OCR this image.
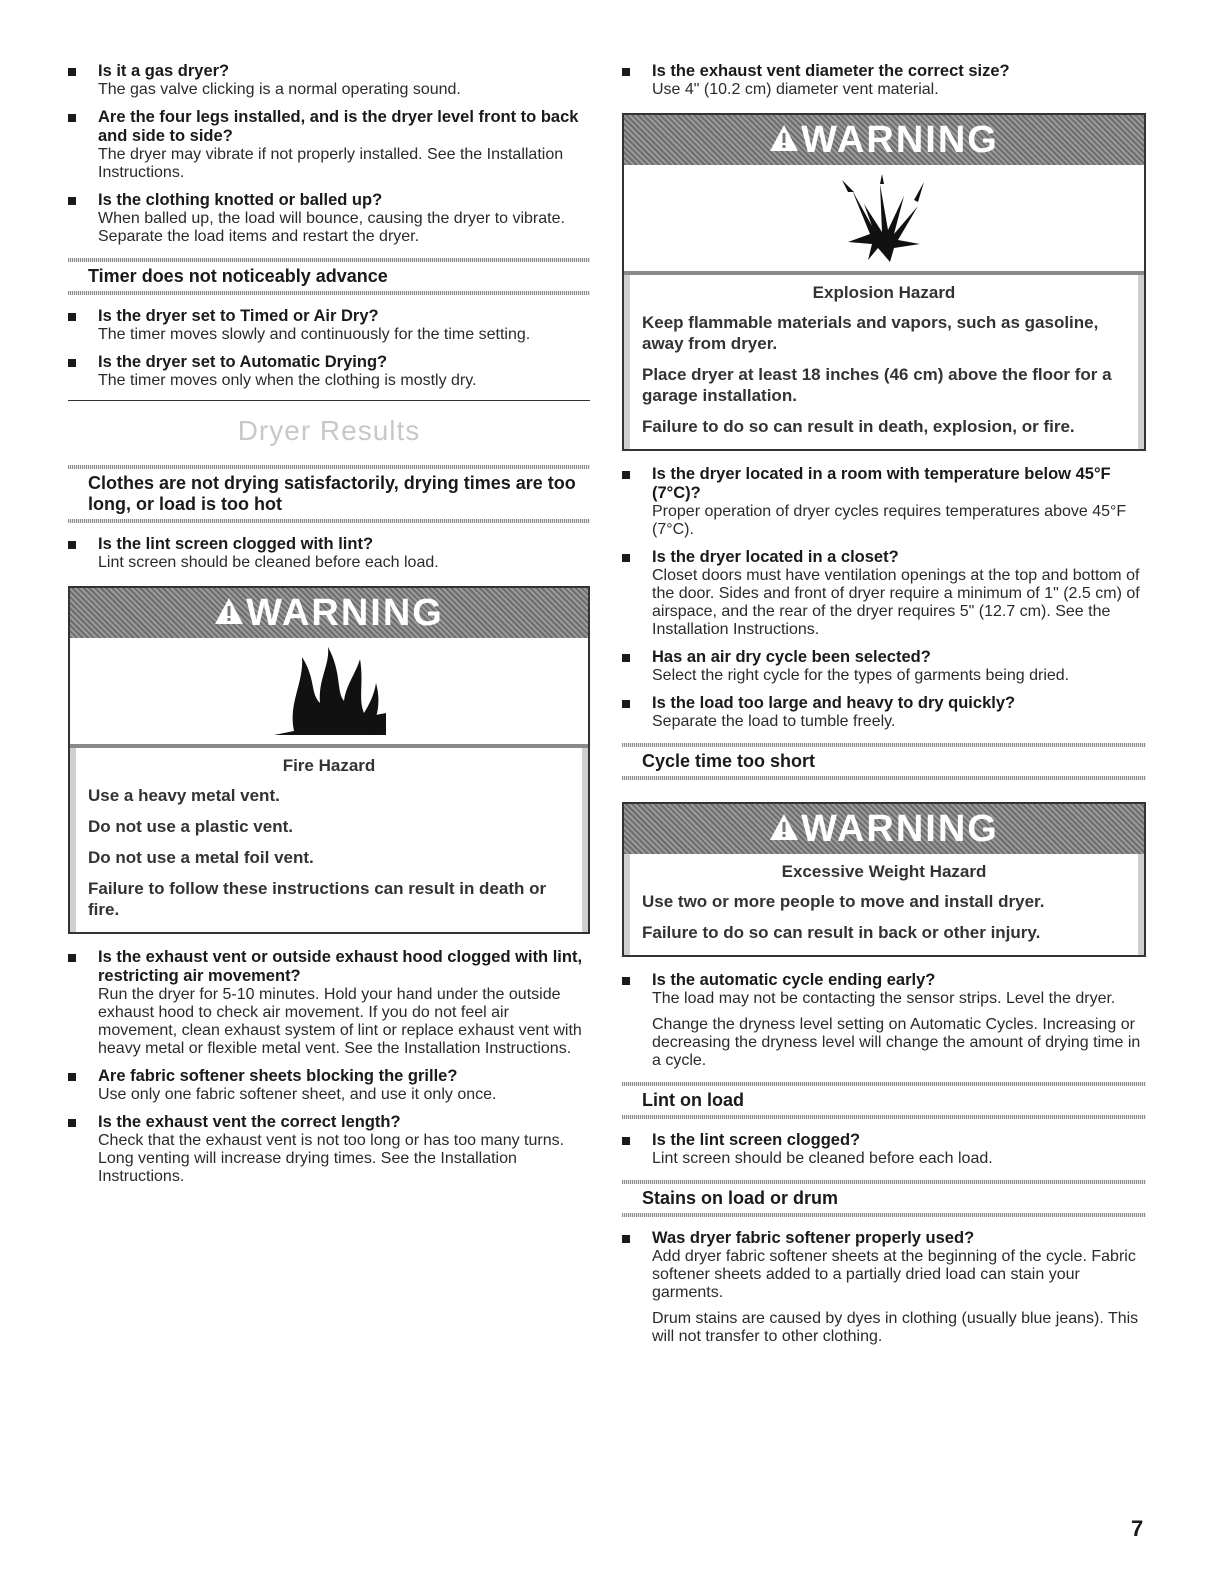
Is it a gas dryer?
The gas valve clicking is a normal operating sound.
Are the four legs installed, and is the dryer level front to back and side to side?
The dryer may vibrate if not properly installed. See the Installation Instructions.
Is the clothing knotted or balled up?
When balled up, the load will bounce, causing the dryer to vibrate. Separate the load items and restart the dryer.
Timer does not noticeably advance
Is the dryer set to Timed or Air Dry?
The timer moves slowly and continuously for the time setting.
Is the dryer set to Automatic Drying?
The timer moves only when the clothing is mostly dry.
Dryer Results
Clothes are not drying satisfactorily, drying times are too long, or load is too hot
Is the lint screen clogged with lint?
Lint screen should be cleaned before each load.
WARNING
Fire Hazard
Use a heavy metal vent.
Do not use a plastic vent.
Do not use a metal foil vent.
Failure to follow these instructions can result in death or fire.
Is the exhaust vent or outside exhaust hood clogged with lint, restricting air movement?
Run the dryer for 5-10 minutes. Hold your hand under the outside exhaust hood to check air movement. If you do not feel air movement, clean exhaust system of lint or replace exhaust vent with heavy metal or flexible metal vent. See the Installation Instructions.
Are fabric softener sheets blocking the grille?
Use only one fabric softener sheet, and use it only once.
Is the exhaust vent the correct length?
Check that the exhaust vent is not too long or has too many turns. Long venting will increase drying times. See the Installation Instructions.
Is the exhaust vent diameter the correct size?
Use 4" (10.2 cm) diameter vent material.
WARNING
Explosion Hazard
Keep flammable materials and vapors, such as gasoline, away from dryer.
Place dryer at least 18 inches (46 cm) above the floor for a garage installation.
Failure to do so can result in death, explosion, or fire.
Is the dryer located in a room with temperature below 45°F (7°C)?
Proper operation of dryer cycles requires temperatures above 45°F (7°C).
Is the dryer located in a closet?
Closet doors must have ventilation openings at the top and bottom of the door. Sides and front of dryer require a minimum of 1" (2.5 cm) of airspace, and the rear of the dryer requires 5" (12.7 cm). See the Installation Instructions.
Has an air dry cycle been selected?
Select the right cycle for the types of garments being dried.
Is the load too large and heavy to dry quickly?
Separate the load to tumble freely.
Cycle time too short
WARNING
Excessive Weight Hazard
Use two or more people to move and install dryer.
Failure to do so can result in back or other injury.
Is the automatic cycle ending early?
The load may not be contacting the sensor strips. Level the dryer.
Change the dryness level setting on Automatic Cycles. Increasing or decreasing the dryness level will change the amount of drying time in a cycle.
Lint on load
Is the lint screen clogged?
Lint screen should be cleaned before each load.
Stains on load or drum
Was dryer fabric softener properly used?
Add dryer fabric softener sheets at the beginning of the cycle. Fabric softener sheets added to a partially dried load can stain your garments.
Drum stains are caused by dyes in clothing (usually blue jeans). This will not transfer to other clothing.
7
